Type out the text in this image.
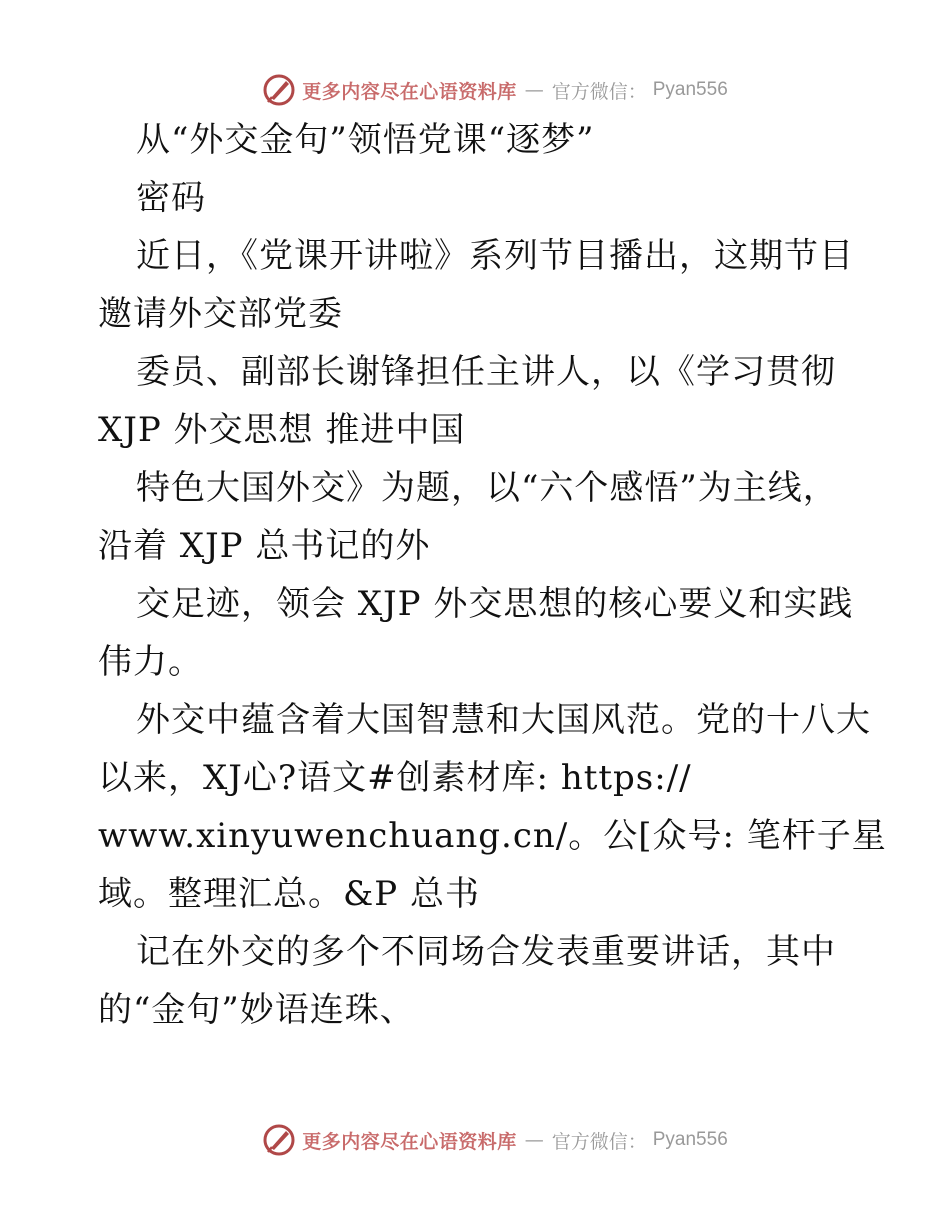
更多内容尽在心语资料库 — 官方微信： Pyan556
从“外交金句”领悟党课“逐梦”
密码
近日，《党课开讲啦》系列节目播出，这期节目
邀请外交部党委
委员、副部长谢锋担任主讲人，以《学习贯彻
XJP 外交思想 推进中国
特色大国外交》为题，以“六个感悟”为主线，
沿着 XJP 总书记的外
交足迹，领会 XJP 外交思想的核心要义和实践
伟力。
外交中蕴含着大国智慧和大国风范。党的十八大
以来，XJ心?语文#创素材库: https://
www.xinyuwenchuang.cn/。公[众号: 笔杆子星
域。整理汇总。&P 总书
记在外交的多个不同场合发表重要讲话，其中
的“金句”妙语连珠、
更多内容尽在心语资料库 — 官方微信： Pyan556
